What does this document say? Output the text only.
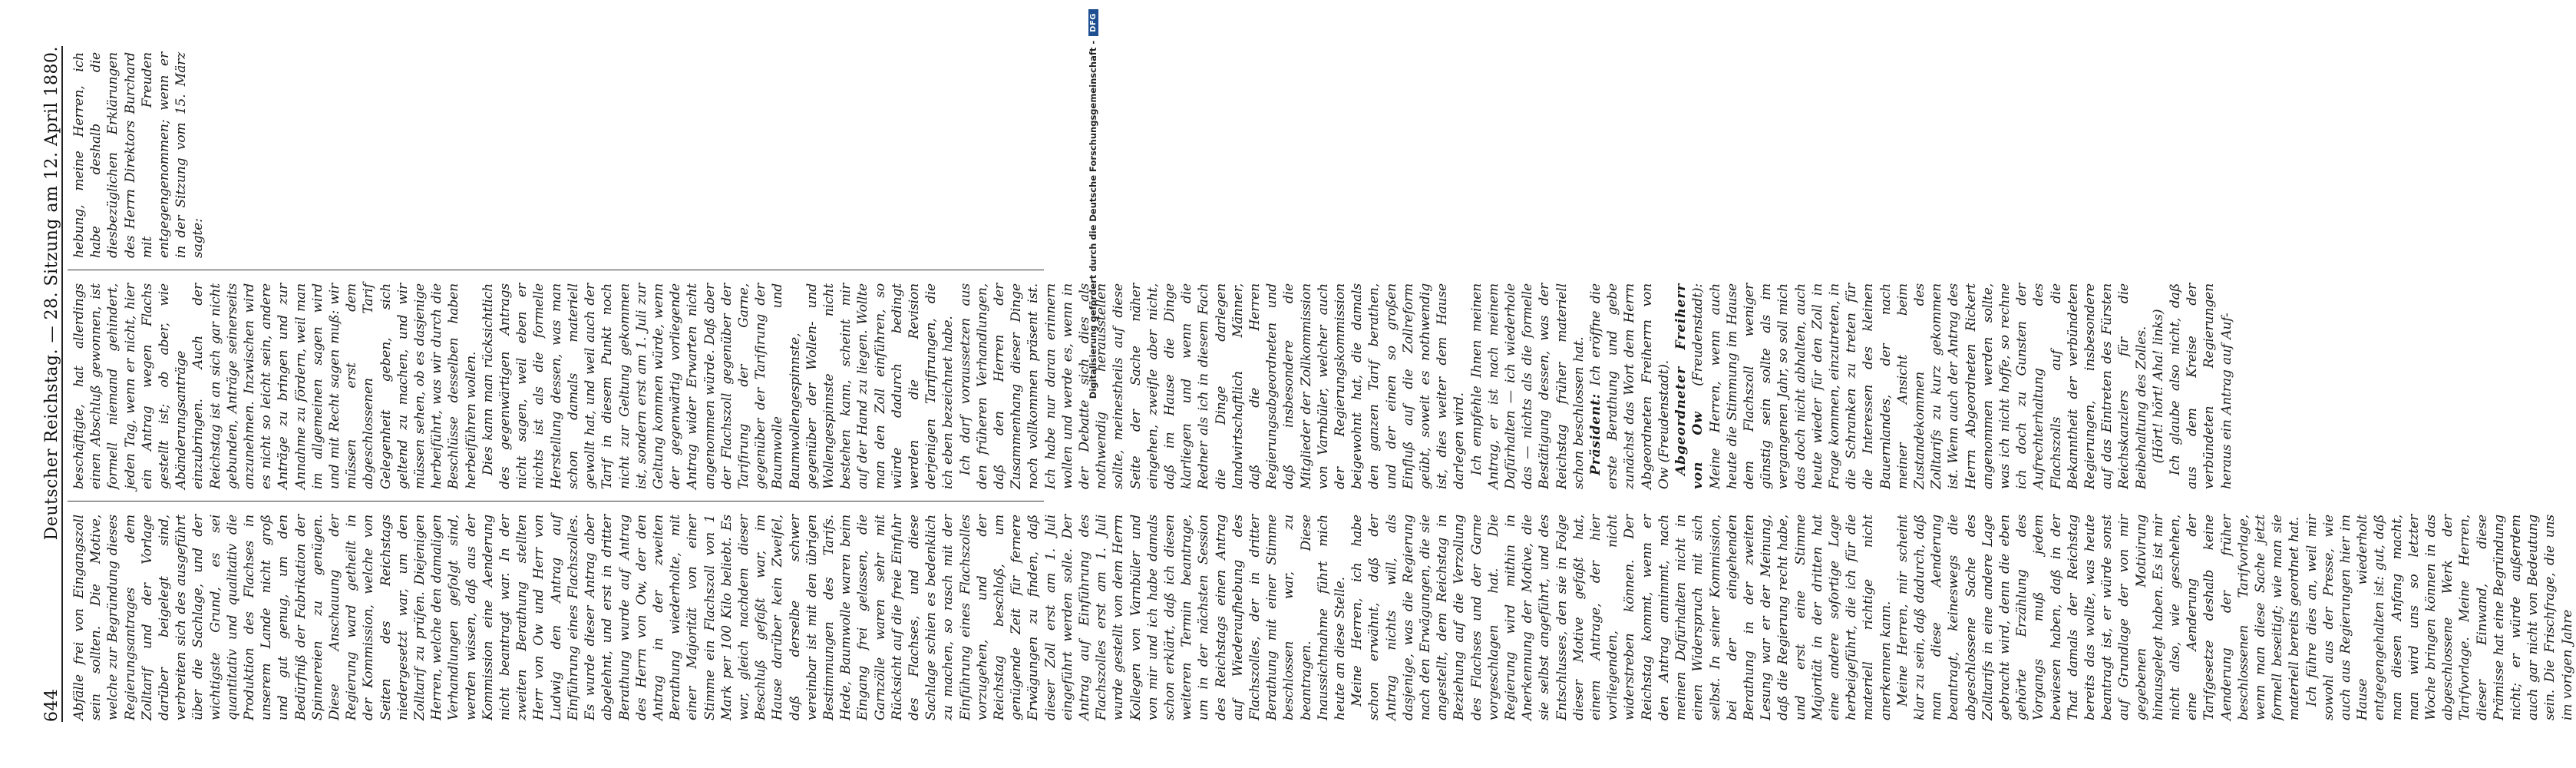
644
Deutscher Reichstag. — 28. Sitzung am 12. April 1880.

Abfälle frei von Eingangszoll sein sollten. Die Motive, welche zur Begründung dieses Regierungsantrages dem Zolltarif und der Vorlage darüber beigelegt sind, verbreiten sich des ausgeführt über die Sachlage, und der wichtigste Grund, es sei quantitativ und qualitativ die Produktion des Flachses in unserem Lande nicht groß und gut genug, um den Bedürfniß der Fabrikation der Spinnereien zu genügen. Diese Anschauung der Regierung ward getheilt in der Kommission, welche von Seiten des Reichstags niedergesetzt war, um den Zolltarif zu prüfen. Diejenigen Herren, welche den damaligen Verhandlungen gefolgt sind, werden wissen, daß aus der Kommission eine Aenderung nicht beantragt war. In der zweiten Berathung stellten Herr von Ow und Herr von Ludwig den Antrag auf Einführung eines Flachszolles. Es wurde dieser Antrag aber abgelehnt, und erst in dritter Berathung wurde auf Antrag des Herrn von Ow, der den Antrag in der zweiten Berathung wiederholte, mit einer Majorität von einer Stimme ein Flachszoll von 1 Mark per 100 Kilo beliebt. Es war, gleich nachdem dieser Beschluß gefaßt war, im Hause darüber kein Zweifel, daß derselbe schwer vereinbar ist mit den übrigen Bestimmungen des Tarifs. Hede, Baumwolle waren beim Eingang frei gelassen, die Garnzölle waren sehr mit Rücksicht auf die freie Einfuhr des Flachses, und diese Sachlage schien es bedenklich zu machen, so rasch mit der Einführung eines Flachszolles vorzugehen, und der Reichstag beschloß, um genügende Zeit für fernere Erwägungen zu finden, daß dieser Zoll erst am 1. Juli eingeführt werden solle. Der Antrag auf Einführung des Flachszolles erst am 1. Juli wurde gestellt von dem Herrn Kollegen von Varnbüler und von mir und ich habe damals schon erklärt, daß ich diesen weiteren Termin beantrage, um in der nächsten Session des Reichstags einen Antrag auf Wiederaufhebung des Flachszolles, der in dritter Berathung mit einer Stimme beschlossen war, zu beantragen. Diese Inaussichtnahme führt mich heute an diese Stelle. Meine Herren, ich habe schon erwähnt, daß der Antrag nichts will, als dasjenige, was die Regierung nach den Erwägungen, die sie angestellt, dem Reichstag in Beziehung auf die Verzollung des Flachses und der Garne vorgeschlagen hat. Die Regierung wird mithin in Anerkennung der Motive, die sie selbst angeführt, und des Entschlusses, den sie in Folge dieser Motive gefaßt hat, einem Antrage, der hier vorliegenden, nicht widerstreben können. Der Reichstag kommt, wenn er den Antrag annimmt, nach meinen Dafürhalten nicht in einen Widerspruch mit sich selbst. In seiner Kommission, bei der eingehenden Berathung in der zweiten Lesung war er der Meinung, daß die Regierung recht habe, und erst eine Stimme Majorität in der dritten hat eine andere sofortige Lage herbeigeführt, die ich für die materiell richtige nicht anerkennen kann. Meine Herren, mir scheint klar zu sein, daß dadurch, daß man diese Aenderung beantragt, keineswegs die abgeschlossene Sache des Zolltarifs in eine andere Lage gebracht wird, denn die eben gehörte Erzählung des Vorgangs muß jedem bewiesen haben, daß in der That damals der Reichstag bereits das wollte, was heute beantragt ist, er würde sonst auf Grundlage der von mir gegebenen Motivirung hinausgelegt haben. Es ist mir nicht also, wie geschehen, eine Aenderung der Tarifgesetze deshalb keine Aenderung der früher beschlossenen Tarifvorlage, wenn man diese Sache jetzt formell beseitigt; wie man sie materiell bereits geordnet hat. Ich führe dies an, weil mir sowohl aus der Presse, wie auch aus Regierungen hier im Hause wiederholt entgegengehalten ist: gut, daß man diesen Anfang macht, man wird uns so letzter Woche bringen können in das abgeschlossene Werk der Tarifvorlage. Meine Herren, dieser Einwand, diese Prämisse hat eine Begründung nicht; er würde außerdem auch gar nicht von Bedeutung sein. Die Frischfrage, die uns im vorigen Jahre

beschäftigte, hat allerdings einen Abschluß gewonnen, ist formell niemand gehindert, jeden Tag, wenn er nicht, hier ein Antrag wegen Flachs gestellt ist; ob aber, wie Abänderungsanträge einzubringen. Auch der Reichstag ist an sich gar nicht gebunden, Anträge seinerseits anzunehmen. Inzwischen wird es nicht so leicht sein, andere Anträge zu bringen und zur Annahme zu fördern, weil man im allgemeinen sagen wird und mit Recht sagen muß: wir müssen erst dem abgeschlossenen Tarif Gelegenheit geben, sich geltend zu machen, und wir müssen sehen, ob es dasjenige herbeiführt, was wir durch die Beschlüsse desselben haben herbeiführen wollen. Dies kann man rücksichtlich des gegenwärtigen Antrags nicht sagen, weil eben er nichts ist als die formelle Herstellung dessen, was man schon damals materiell gewollt hat, und weil auch der Tarif in diesem Punkt noch nicht zur Geltung gekommen ist, sondern erst am 1. Juli zur Geltung kommen würde, wenn der gegenwärtig vorliegende Antrag wider Erwarten nicht angenommen würde. Daß aber der Flachszoll gegenüber der Tarifirung der Garne, gegenüber der Tarifirung der Baumwolle und Baumwollengespinnste, gegenüber der Wollen- und Wollengespinnste nicht bestehen kann, scheint mir auf der Hand zu liegen. Wollte man den Zoll einführen, so würde dadurch bedingt werden die Revision derjenigen Tarifirungen, die ich eben bezeichnet habe. Ich darf voraussetzen aus den früheren Verhandlungen, daß den Herren der Zusammenhang dieser Dinge noch vollkommen präsent ist. Ich habe nur daran erinnern wollen und werde es, wenn in der Debatte sich dies als nothwendig herausstellen sollte, meinestheils auf diese Seite der Sache näher eingehen, zweifle aber nicht, daß im Hause die Dinge klarliegen und wenn die Redner als ich in diesem Fach die Dinge darlegen landwirtschaftlich Männer, daß die Herren Regierungsabgeordneten und daß insbesondere die Mitglieder der Zollkommission von Varnbüler, welcher auch der Regierungskommission beigewohnt hat, die damals den ganzen Tarif berathen, und der einen so großen Einfluß auf die Zollreform geübt, soweit es nothwendig ist, dies weiter dem Hause darlegen wird. Ich empfehle Ihnen meinen Antrag, er ist nach meinem Dafürhalten — ich wiederhole das — nichts als die formelle Bestätigung dessen, was der Reichstag früher materiell schon beschlossen hat. Präsident: Ich eröffne die erste Berathung und gebe zunächst das Wort dem Herrn Abgeordneten Freiherrn von Ow (Freudenstadt). Abgeordneter Freiherr von Ow (Freudenstadt): Meine Herren, wenn auch heute die Stimmung im Hause dem Flachszoll weniger günstig sein sollte als im vergangenen Jahr, so soll mich das doch nicht abhalten, auch heute wieder für den Zoll in Frage kommen, einzutreten, in die Schranken zu treten für die Interessen des kleinen Bauernlandes, der nach meiner Ansicht beim Zustandekommen des Zolltarifs zu kurz gekommen ist. Wenn auch der Antrag des Herrn Abgeordneten Rickert angenommen werden sollte, was ich nicht hoffe, so rechne ich doch zu Gunsten der Aufrechterhaltung des Flachszolls auf die Bekanntheit der verbündeten Regierungen, insbesondere auf das Eintreten des Fürsten Reichskanzlers für die Beibehaltung des Zolles. (Hört! hört! Aha! links) Ich glaube also nicht, daß aus dem Kreise der verbündeten Regierungen heraus ein Antrag auf Auf-

hebung, meine Herren, ich habe deshalb die diesbezüglichen Erklärungen des Herrn Direktors Burchard mit Freuden entgegengenommen; wenn er in der Sitzung vom 15. März sagte:	Digitalisierung gefördert durch die Deutsche Forschungsgemeinschaft -
DFG
